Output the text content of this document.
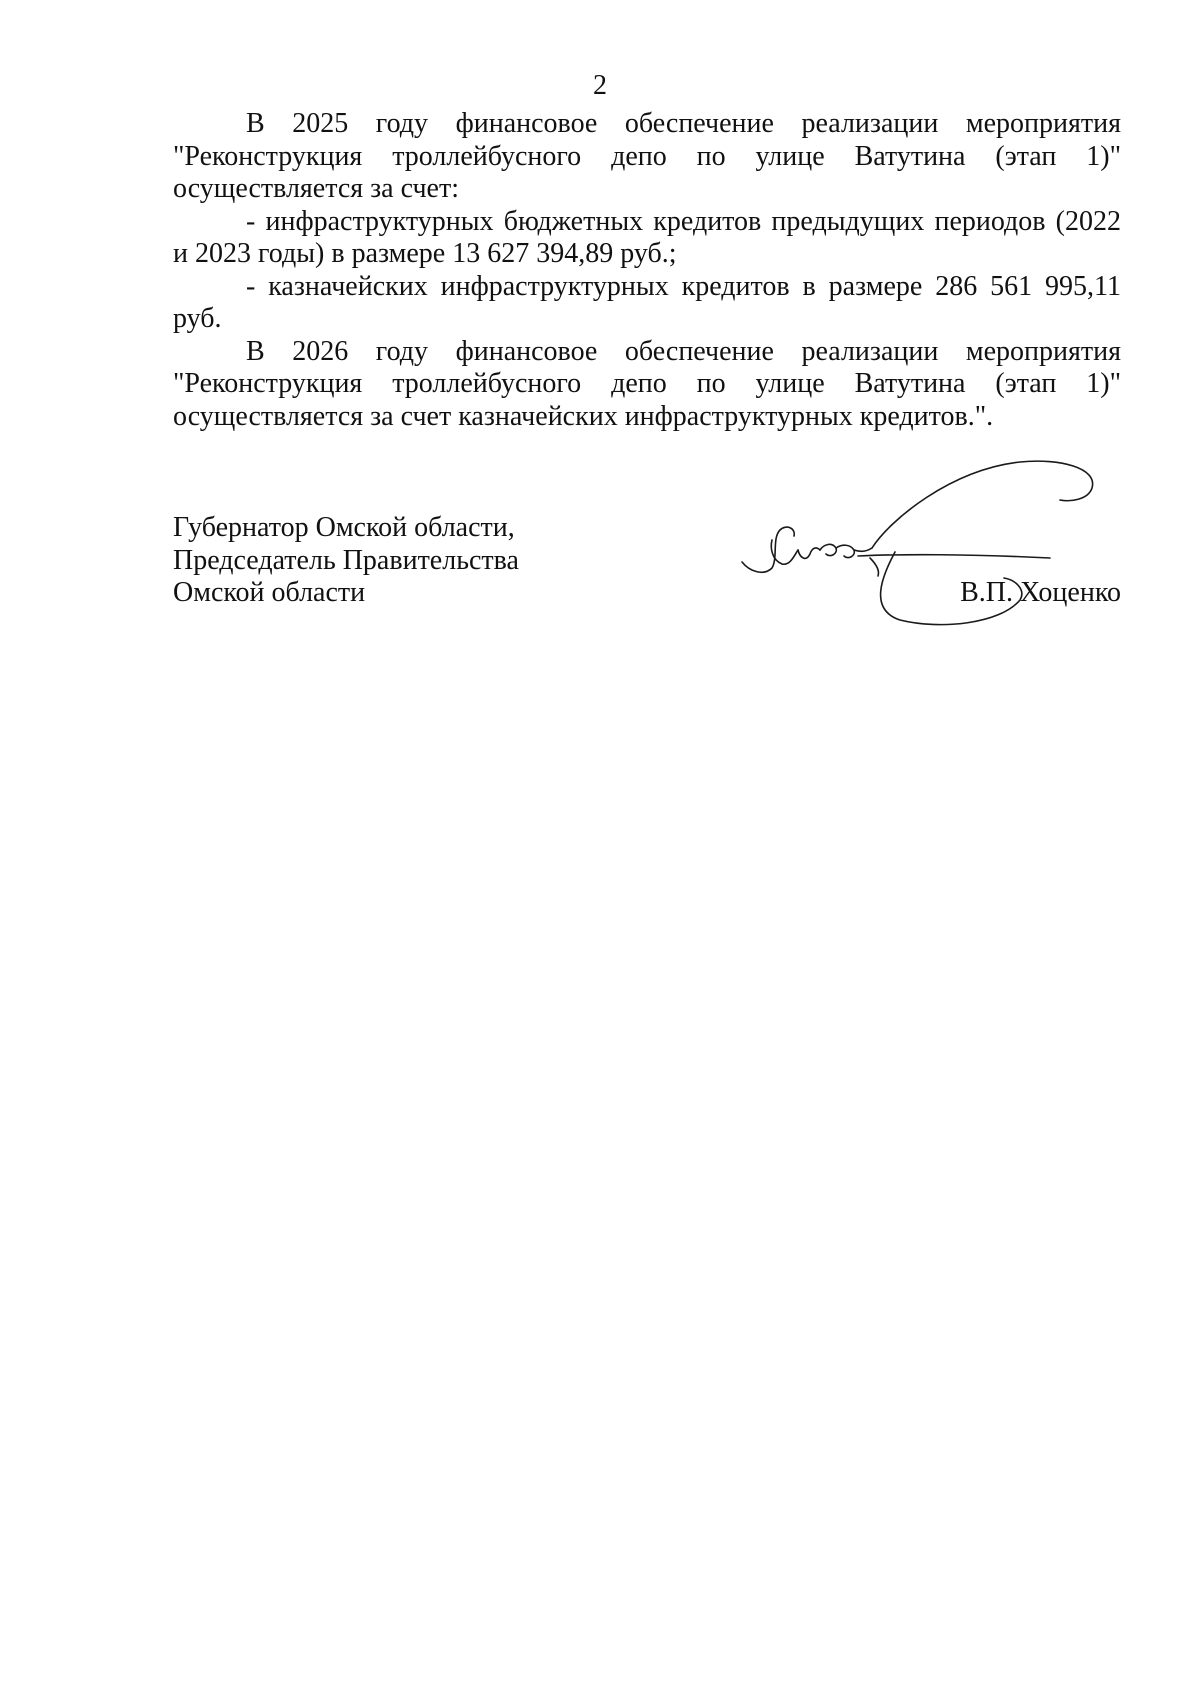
2

В 2025 году финансовое обеспечение реализации мероприятия "Реконструкция троллейбусного депо по улице Ватутина (этап 1)" осуществляется за счет:

- инфраструктурных бюджетных кредитов предыдущих периодов (2022 и 2023 годы) в размере 13 627 394,89 руб.;

- казначейских инфраструктурных кредитов в размере 286 561 995,11 руб.

В 2026 году финансовое обеспечение реализации мероприятия "Реконструкция троллейбусного депо по улице Ватутина (этап 1)" осуществляется за счет казначейских инфраструктурных кредитов.".

Губернатор Омской области,
Председатель Правительства
Омской области	В.П. Хоценко
